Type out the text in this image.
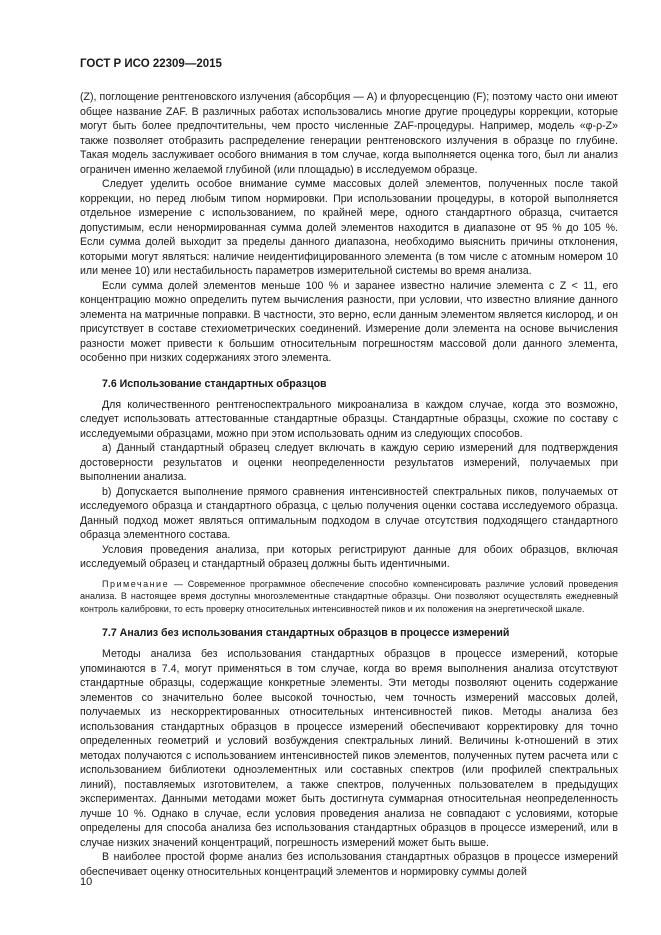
ГОСТ Р ИСО 22309—2015

(Z), поглощение рентгеновского излучения (абсорбция — А) и флуоресценцию (F); поэтому часто они имеют общее название ZAF. В различных работах использовались многие другие процедуры коррекции, которые могут быть более предпочтительны, чем просто численные ZAF-процедуры. Например, модель «φ-ρ-Z» также позволяет отобразить распределение генерации рентгеновского излучения в образце по глубине. Такая модель заслуживает особого внимания в том случае, когда выполняется оценка того, был ли анализ ограничен именно желаемой глубиной (или площадью) в исследуемом образце.

Следует уделить особое внимание сумме массовых долей элементов, полученных после такой коррекции, но перед любым типом нормировки. При использовании процедуры, в которой выполняется отдельное измерение с использованием, по крайней мере, одного стандартного образца, считается допустимым, если ненормированная сумма долей элементов находится в диапазоне от 95 % до 105 %. Если сумма долей выходит за пределы данного диапазона, необходимо выяснить причины отклонения, которыми могут являться: наличие неидентифицированного элемента (в том числе с атомным номером 10 или менее 10) или нестабильность параметров измерительной системы во время анализа.

Если сумма долей элементов меньше 100 % и заранее известно наличие элемента с Z < 11, его концентрацию можно определить путем вычисления разности, при условии, что известно влияние данного элемента на матричные поправки. В частности, это верно, если данным элементом является кислород, и он присутствует в составе стехиометрических соединений. Измерение доли элемента на основе вычисления разности может привести к большим относительным погрешностям массовой доли данного элемента, особенно при низких содержаниях этого элемента.

7.6 Использование стандартных образцов

Для количественного рентгеноспектрального микроанализа в каждом случае, когда это возможно, следует использовать аттестованные стандартные образцы. Стандартные образцы, схожие по составу с исследуемыми образцами, можно при этом использовать одним из следующих способов.

a) Данный стандартный образец следует включать в каждую серию измерений для подтверждения достоверности результатов и оценки неопределенности результатов измерений, получаемых при выполнении анализа.

b) Допускается выполнение прямого сравнения интенсивностей спектральных пиков, получаемых от исследуемого образца и стандартного образца, с целью получения оценки состава исследуемого образца. Данный подход может являться оптимальным подходом в случае отсутствия подходящего стандартного образца элементного состава.

Условия проведения анализа, при которых регистрируют данные для обоих образцов, включая исследуемый образец и стандартный образец должны быть идентичными.

Примечание — Современное программное обеспечение способно компенсировать различие условий проведения анализа. В настоящее время доступны многоэлементные стандартные образцы. Они позволяют осуществлять ежедневный контроль калибровки, то есть проверку относительных интенсивностей пиков и их положения на энергетической шкале.
7.7 Анализ без использования стандартных образцов в процессе измерений

Методы анализа без использования стандартных образцов в процессе измерений, которые упоминаются в 7.4, могут применяться в том случае, когда во время выполнения анализа отсутствуют стандартные образцы, содержащие конкретные элементы. Эти методы позволяют оценить содержание элементов со значительно более высокой точностью, чем точность измерений массовых долей, получаемых из нескорректированных относительных интенсивностей пиков. Методы анализа без использования стандартных образцов в процессе измерений обеспечивают корректировку для точно определенных геометрий и условий возбуждения спектральных линий. Величины k-отношений в этих методах получаются с использованием интенсивностей пиков элементов, полученных путем расчета или с использованием библиотеки одноэлементных или составных спектров (или профилей спектральных линий), поставляемых изготовителем, а также спектров, полученных пользователем в предыдущих экспериментах. Данными методами может быть достигнута суммарная относительная неопределенность лучше 10 %. Однако в случае, если условия проведения анализа не совпадают с условиями, которые определены для способа анализа без использования стандартных образцов в процессе измерений, или в случае низких значений концентраций, погрешность измерений может быть выше.

В наиболее простой форме анализ без использования стандартных образцов в процессе измерений обеспечивает оценку относительных концентраций элементов и нормировку суммы долей

10
